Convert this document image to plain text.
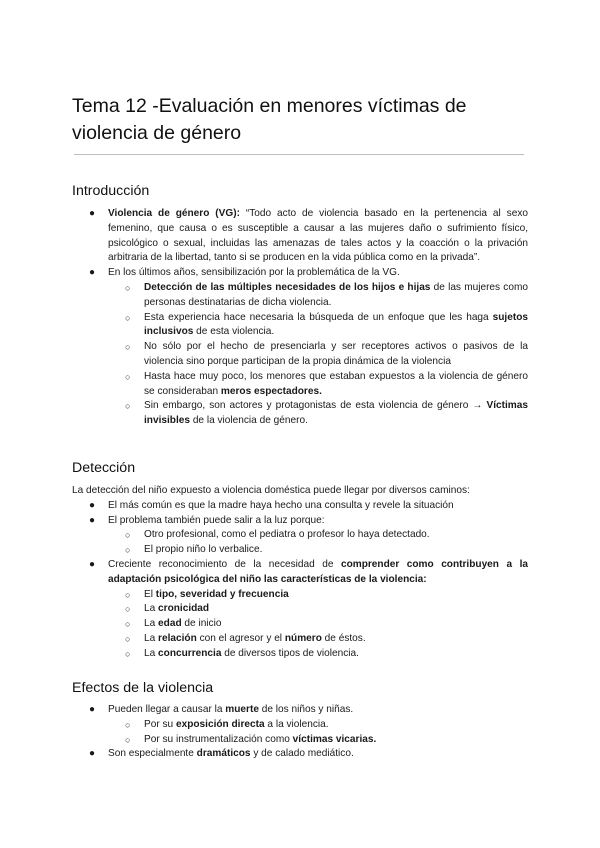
Tema 12 -Evaluación en menores víctimas de violencia de género
Introducción
● Violencia de género (VG): “Todo acto de violencia basado en la pertenencia al sexo femenino, que causa o es susceptible a causar a las mujeres daño o sufrimiento físico, psicológico o sexual, incluidas las amenazas de tales actos y la coacción o la privación arbitraria de la libertad, tanto si se producen en la vida pública como en la privada”.
● En los últimos años, sensibilización por la problemática de la VG.
○ Detección de las múltiples necesidades de los hijos e hijas de las mujeres como personas destinatarias de dicha violencia.
○ Esta experiencia hace necesaria la búsqueda de un enfoque que les haga sujetos inclusivos de esta violencia.
○ No sólo por el hecho de presenciarla y ser receptores activos o pasivos de la violencia sino porque participan de la propia dinámica de la violencia
○ Hasta hace muy poco, los menores que estaban expuestos a la violencia de género se consideraban meros espectadores.
○ Sin embargo, son actores y protagonistas de esta violencia de género → Víctimas invisibles de la violencia de género.
Detección

La detección del niño expuesto a violencia doméstica puede llegar por diversos caminos:

● El más común es que la madre haya hecho una consulta y revele la situación
● El problema también puede salir a la luz porque:
○ Otro profesional, como el pediatra o profesor lo haya detectado.
○ El propio niño lo verbalice.
● Creciente reconocimiento de la necesidad de comprender como contribuyen a la adaptación psicológica del niño las características de la violencia:
○ El tipo, severidad y frecuencia
○ La cronicidad
○ La edad de inicio
○ La relación con el agresor y el número de éstos.
○ La concurrencia de diversos tipos de violencia.
Efectos de la violencia
● Pueden llegar a causar la muerte de los niños y niñas.
○ Por su exposición directa a la violencia.
○ Por su instrumentalización como víctimas vicarias.
● Son especialmente dramáticos y de calado mediático.
